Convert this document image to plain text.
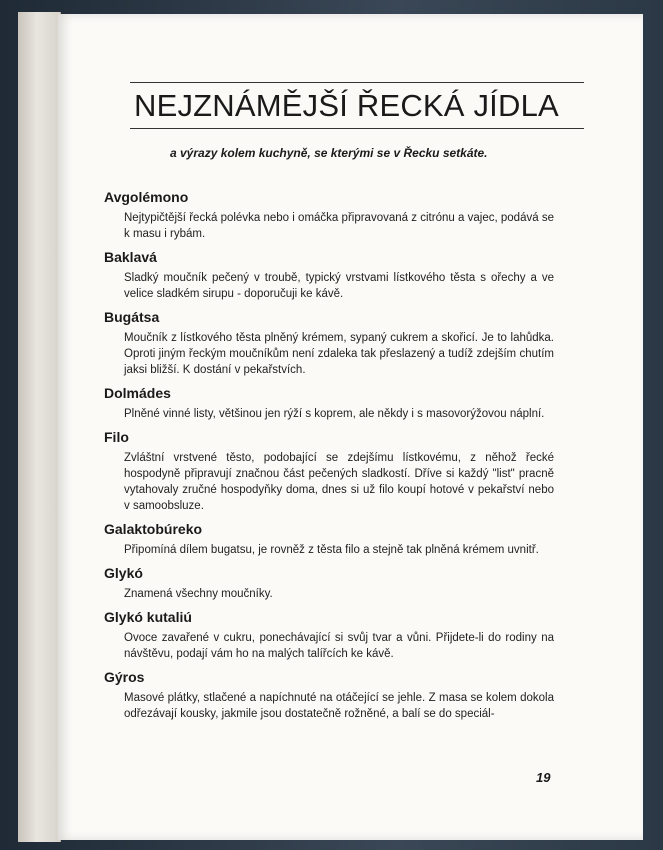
NEJZNÁMĚJŠÍ ŘECKÁ JÍDLA

a výrazy kolem kuchyně, se kterými se v Řecku setkáte.

Avgolémono

Nejtypičtější řecká polévka nebo i omáčka připravovaná z citrónu a vajec, podává se k masu i rybám.

Baklavá

Sladký moučník pečený v troubě, typický vrstvami lístkového těsta s ořechy a ve velice sladkém sirupu - doporučuji ke kávě.

Bugátsa

Moučník z lístkového těsta plněný krémem, sypaný cukrem a skořicí. Je to lahůdka. Oproti jiným řeckým moučníkům není zdaleka tak přeslazený a tudíž zdejším chutím jaksi bližší. K dostání v pekařstvích.

Dolmádes

Plněné vinné listy, většinou jen rýží s koprem, ale někdy i s masovorýžovou náplní.

Filo

Zvláštní vrstvené těsto, podobající se zdejšímu lístkovému, z něhož řecké hospodyně připravují značnou část pečených sladkostí. Dříve si každý "list" pracně vytahovaly zručné hospodyňky doma, dnes si už filo koupí hotové v pekařství nebo v samoobsluze.

Galaktobúreko

Připomíná dílem bugatsu, je rovněž z těsta filo a stejně tak plněná krémem uvnitř.

Glykó

Znamená všechny moučníky.

Glykó kutaliú

Ovoce zavařené v cukru, ponechávající si svůj tvar a vůni. Přijdete-li do rodiny na návštěvu, podají vám ho na malých talířcích ke kávě.

Gýros

Masové plátky, stlačené a napíchnuté na otáčející se jehle. Z masa se kolem dokola odřezávají kousky, jakmile jsou dostatečně rožněné, a balí se do speciál-

19
